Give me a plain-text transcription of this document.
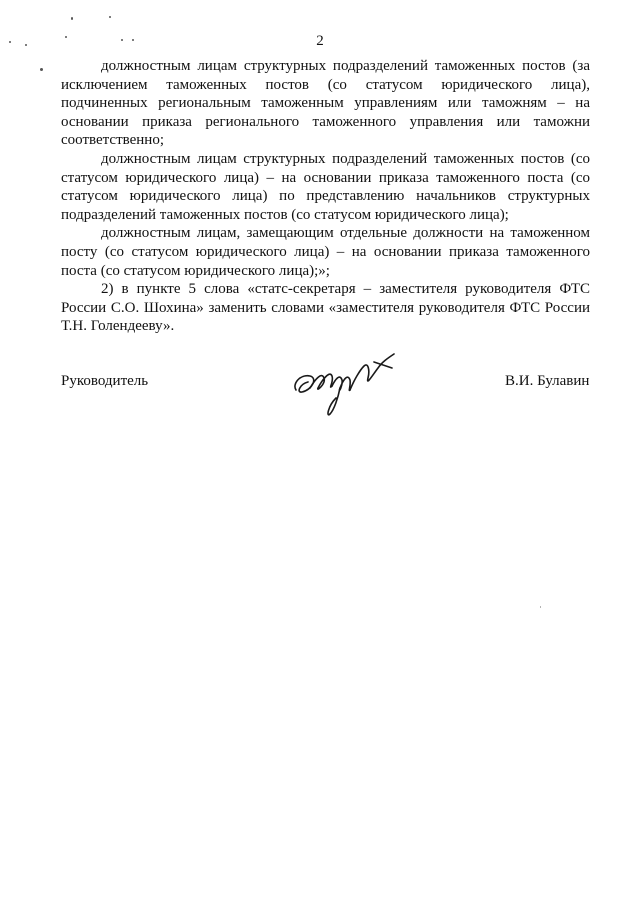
2

должностным лицам структурных подразделений таможенных постов (за исключением таможенных постов (со статусом юридического лица), подчиненных региональным таможенным управлениям или таможням – на основании приказа регионального таможенного управления или таможни соответственно;

должностным лицам структурных подразделений таможенных постов (со статусом юридического лица) – на основании приказа таможенного поста (со статусом юридического лица) по представлению начальников структурных подразделений таможенных постов (со статусом юридического лица);

должностным лицам, замещающим отдельные должности на таможенном посту (со статусом юридического лица) – на основании приказа таможенного поста (со статусом юридического лица);»;

2) в пункте 5 слова «статс-секретаря – заместителя руководителя ФТС России С.О. Шохина» заменить словами «заместителя руководителя ФТС России Т.Н. Голендееву».

Руководитель	В.И. Булавин
